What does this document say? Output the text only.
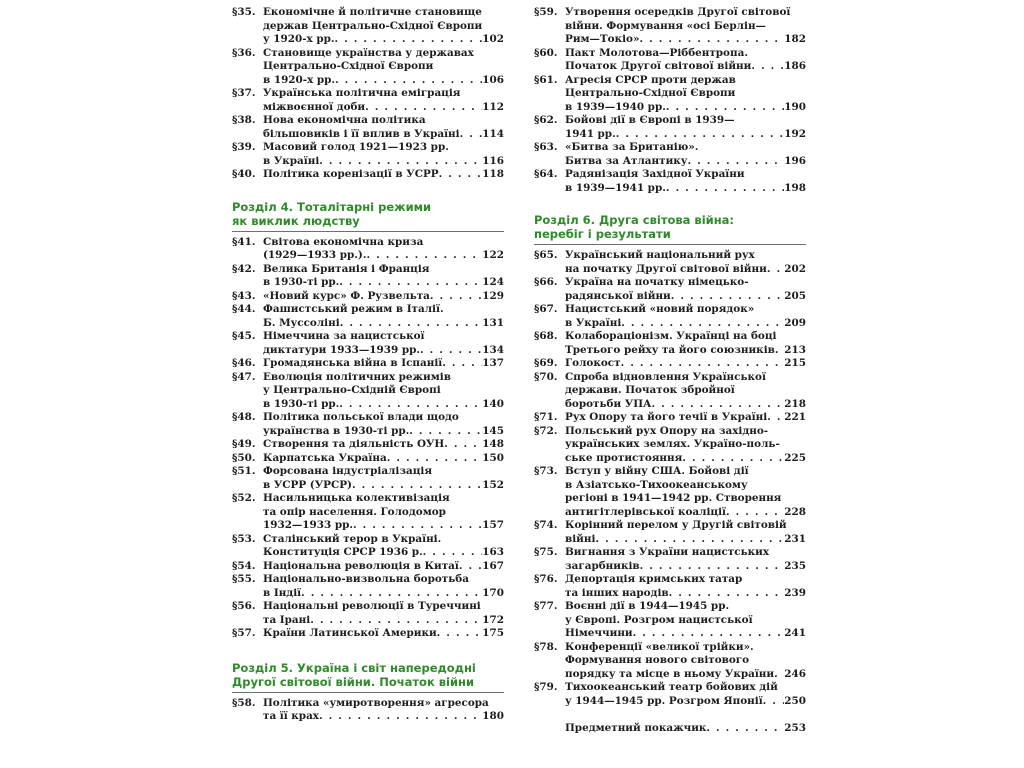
§35. Економічне й політичне становище
держав Центрально-Східної Європи
у 1920-х рр. . . .	102
§36. Становище українства у державах
Центрально-Східної Європи
в 1920-х рр. . . .	106
§37. Українська політична еміграція
міжвоєнної доби . . .	112
§38. Нова економічна політика
більшовиків і її вплив в Україні . . . 114
§39. Масовий голод 1921—1923 рр.
в Україні . . .	116
§40. Політика коренізації в УСРР . . .	118
Розділ 4. Тоталітарні режими
як виклик людству
§41. Світова економічна криза
(1929—1933 рр.). . . .	122
§42. Велика Британія і Франція
в 1930-ті рр. . . .	124
§43. «Новий курс» Ф. Рузвельта . . .	129
§44. Фашистський режим в Італії.
Б. Муссоліні . . .	131
§45. Німеччина за нацистської
диктатури 1933—1939 рр. . . .	134
§46. Громадянська війна в Іспанії . . .	137
§47. Еволюція політичних режимів
у Центрально-Східній Європі
в 1930-ті рр. . . .	140
§48. Політика польської влади щодо
українства в 1930-ті рр. . . .	145
§49. Створення та діяльність ОУН . . .	148
§50. Карпатська Україна . . .	150
§51. Форсована індустріалізація
в УСРР (УРСР) . . .	152
§52. Насильницька колективізація
та опір населення. Голодомор
1932—1933 рр. . . .	157
§53. Сталінський терор в Україні.
Конституція СРСР 1936 р. . . .	163
§54. Національна революція в Китаї . . . 167
§55. Національно-визвольна боротьба
в Індії . . .	170
§56. Національні революції в Туреччині
та Ірані . . .	172
§57. Країни Латинської Америки . . .	175
Розділ 5. Україна і світ напередодні
Другої світової війни. Початок війни
§58. Політика «умиротворення» агресора
та її крах . . .	180
§59. Утворення осередків Другої світової
війни. Формування «осі Берлін—
Рим—Токіо» . . .	182
§60. Пакт Молотова—Ріббентропа.
Початок Другої світової війни . . .	186
§61. Агресія СРСР проти держав
Центрально-Східної Європи
в 1939—1940 рр. . . .	190
§62. Бойові дії в Європі в 1939—
1941 рр. . . .	192
§63. «Битва за Британію».
Битва за Атлантику . . .	196
§64. Радянізація Західної України
в 1939—1941 рр. . . .	198
Розділ 6. Друга світова війна:
перебіг і результати
§65. Український національний рух
на початку Другої світової війни . . . 202
§66. Україна на початку німецько-
радянської війни . . .	205
§67. Нацистський «новий порядок»
в Україні . . .	209
§68. Колабораціонізм. Українці на боці
Третього рейху та його союзників . . . 213
§69. Голокост . . .	215
§70. Спроба відновлення Української
держави. Початок збройної
боротьби УПА . . .	218
§71. Рух Опору та його течії в Україні . . . 221
§72. Польський рух Опору на західно-
українських землях. Україно-поль-
ське протистояння . . .	225
§73. Вступ у війну США. Бойові дії
в Азіатсько-Тихоокеанському
регіоні в 1941—1942 рр. Створення
антигітлерівської коаліції . . .	228
§74. Корінний перелом у Другій світовій
війні . . .	231
§75. Вигнання з України нацистських
загарбників . . .	235
§76. Депортація кримських татар
та інших народів . . .	239
§77. Воєнні дії в 1944—1945 рр.
у Європі. Розгром нацистської
Німеччини . . .	241
§78. Конференції «великої трійки».
Формування нового світового
порядку та місце в ньому України . . . 246
§79. Тихоокеанський театр бойових дій
у 1944—1945 рр. Розгром Японії . . . 250
Предметний покажчик . . .	253
